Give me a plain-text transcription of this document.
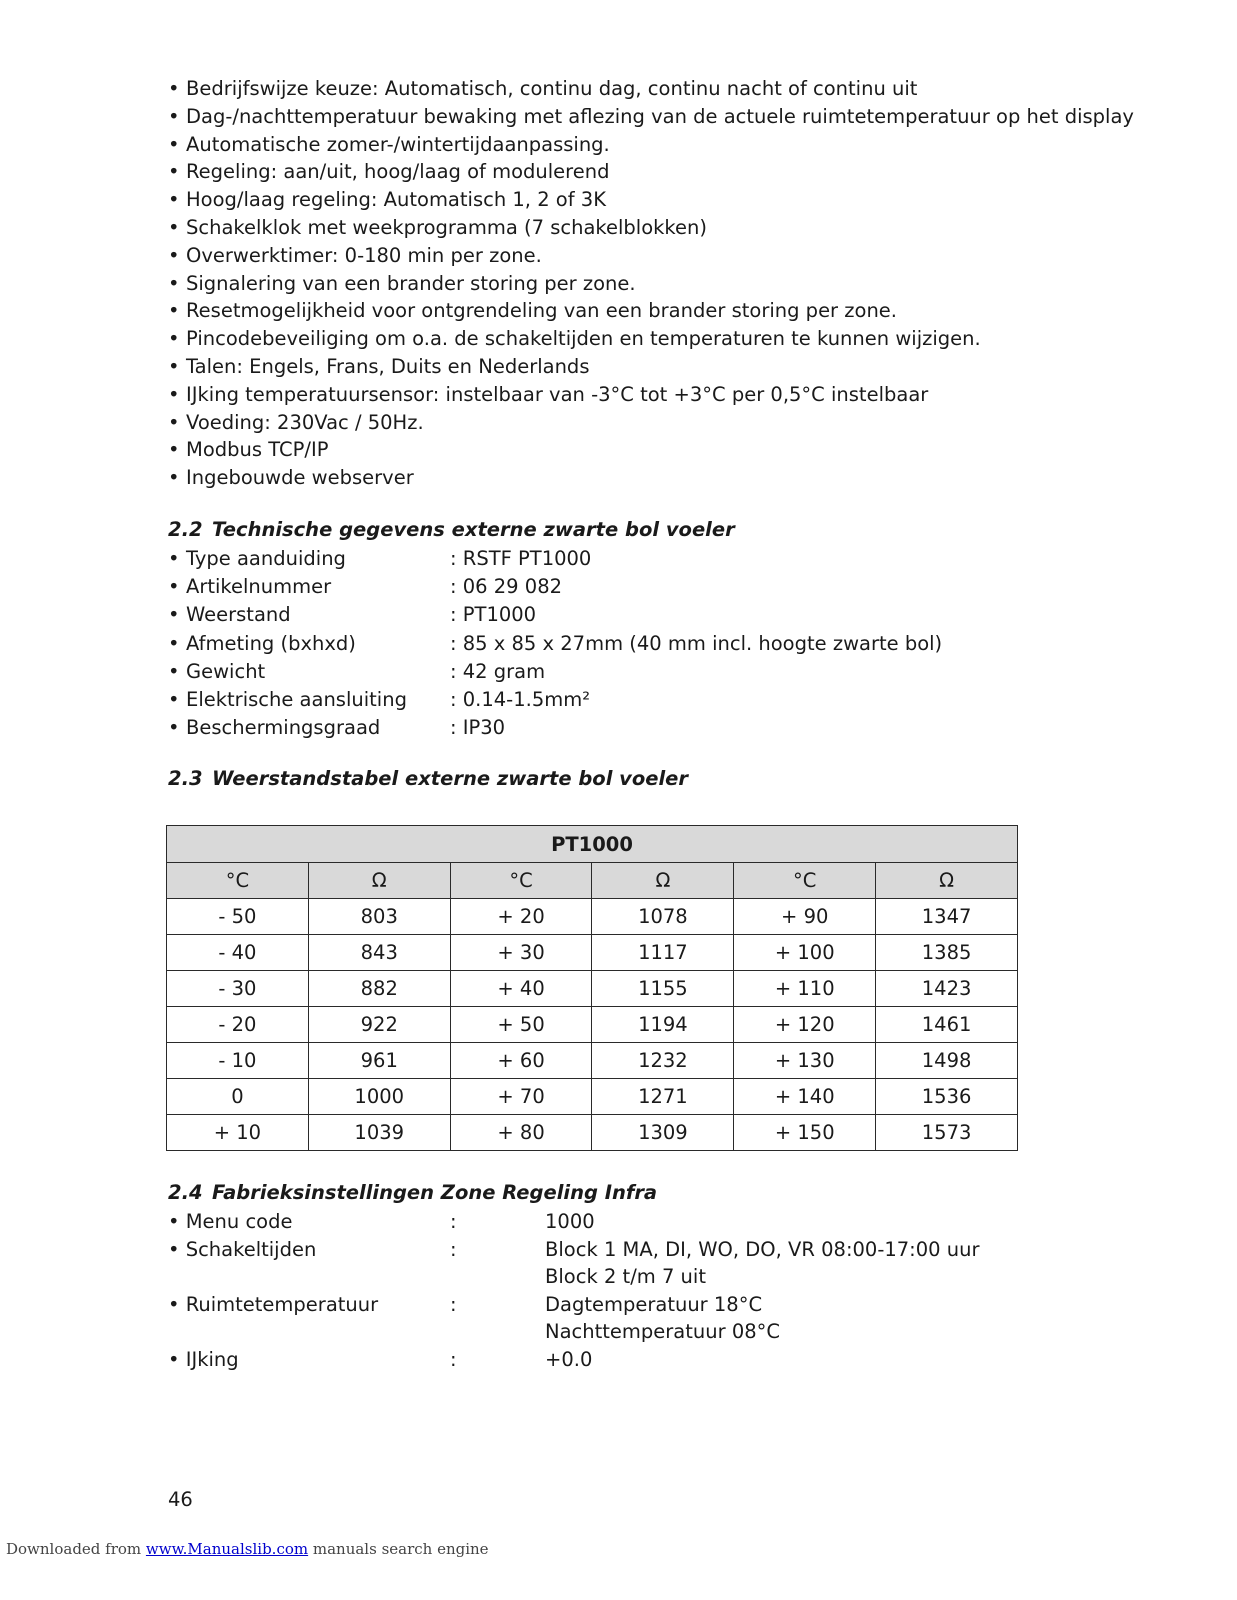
• Bedrijfswijze keuze: Automatisch, continu dag, continu nacht of continu uit
• Dag-/nachttemperatuur bewaking met aflezing van de actuele ruimtetemperatuur op het display
• Automatische zomer-/wintertijdaanpassing.
• Regeling: aan/uit, hoog/laag of modulerend
• Hoog/laag regeling: Automatisch 1, 2 of 3K
• Schakelklok met weekprogramma (7 schakelblokken)
• Overwerktimer: 0-180 min per zone.
• Signalering van een brander storing per zone.
• Resetmogelijkheid voor ontgrendeling van een brander storing per zone.
• Pincodebeveiliging om o.a. de schakeltijden en temperaturen te kunnen wijzigen.
• Talen: Engels, Frans, Duits en Nederlands
• IJking temperatuursensor: instelbaar van -3°C tot +3°C per 0,5°C instelbaar
• Voeding: 230Vac / 50Hz.
• Modbus TCP/IP
• Ingebouwde webserver
2.2 Technische gegevens externe zwarte bol voeler
• Type aanduiding	: RSTF PT1000
• Artikelnummer	: 06 29 082
• Weerstand	: PT1000
• Afmeting (bxhxd)	: 85 x 85 x 27mm (40 mm incl. hoogte zwarte bol)
• Gewicht	: 42 gram
• Elektrische aansluiting : 0.14-1.5mm²
• Beschermingsgraad	: IP30
2.3 Weerstandstabel externe zwarte bol voeler
PT1000					
°C	Ω	°C	Ω	°C	Ω
- 50	803	+ 20	1078	+ 90	1347
- 40	843	+ 30	1117	+ 100	1385
- 30	882	+ 40	1155	+ 110	1423
- 20	922	+ 50	1194	+ 120	1461
- 10	961	+ 60	1232	+ 130	1498
0	1000	+ 70	1271	+ 140	1536
+ 10	1039	+ 80	1309	+ 150	1573
2.4 Fabrieksinstellingen Zone Regeling Infra
• Menu code	:	1000
• Schakeltijden	:	Block 1 MA, DI, WO, DO, VR 08:00-17:00 uur
Block 2 t/m 7 uit
• Ruimtetemperatuur	:	Dagtemperatuur 18°C
Nachttemperatuur 08°C
• IJking	:	+0.0
46
Downloaded from www.Manualslib.com manuals search engine
